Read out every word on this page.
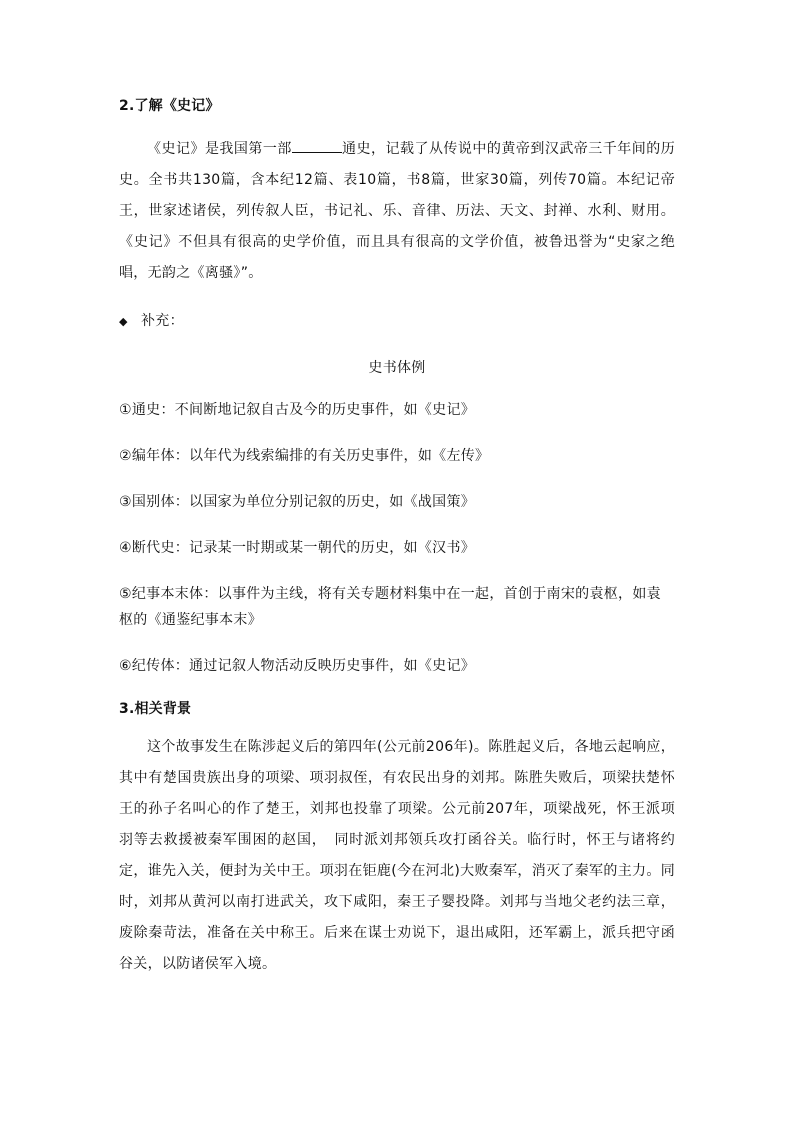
2.了解《史记》

《史记》是我国第一部	通史，记载了从传说中的黄帝到汉武帝三千年间的历史。全书共130篇，含本纪12篇、表10篇，书8篇，世家30篇，列传70篇。本纪记帝王，世家述诸侯，列传叙人臣，书记礼、乐、音律、历法、天文、封禅、水利、财用。《史记》不但具有很高的史学价值，而且具有很高的文学价值，被鲁迅誉为“史家之绝唱，无韵之《离骚》”。

◆ 补充：

史书体例

①通史：不间断地记叙自古及今的历史事件，如《史记》

②编年体：以年代为线索编排的有关历史事件，如《左传》

③国别体：以国家为单位分别记叙的历史，如《战国策》

④断代史：记录某一时期或某一朝代的历史，如《汉书》

⑤纪事本末体：以事件为主线，将有关专题材料集中在一起，首创于南宋的袁枢，如袁枢的《通鉴纪事本末》

⑥纪传体：通过记叙人物活动反映历史事件，如《史记》

3.相关背景

这个故事发生在陈涉起义后的第四年(公元前206年)。陈胜起义后，各地云起响应，其中有楚国贵族出身的项梁、项羽叔侄，有农民出身的刘邦。陈胜失败后，项梁扶楚怀王的孙子名叫心的作了楚王，刘邦也投靠了项梁。公元前207年，项梁战死，怀王派项羽等去救援被秦军围困的赵国，　同时派刘邦领兵攻打函谷关。临行时，怀王与诸将约定，谁先入关，便封为关中王。项羽在钜鹿(今在河北)大败秦军，消灭了秦军的主力。同时，刘邦从黄河以南打进武关，攻下咸阳，秦王子婴投降。刘邦与当地父老约法三章，废除秦苛法，准备在关中称王。后来在谋士劝说下，退出咸阳，还军霸上，派兵把守函谷关，以防诸侯军入境。
